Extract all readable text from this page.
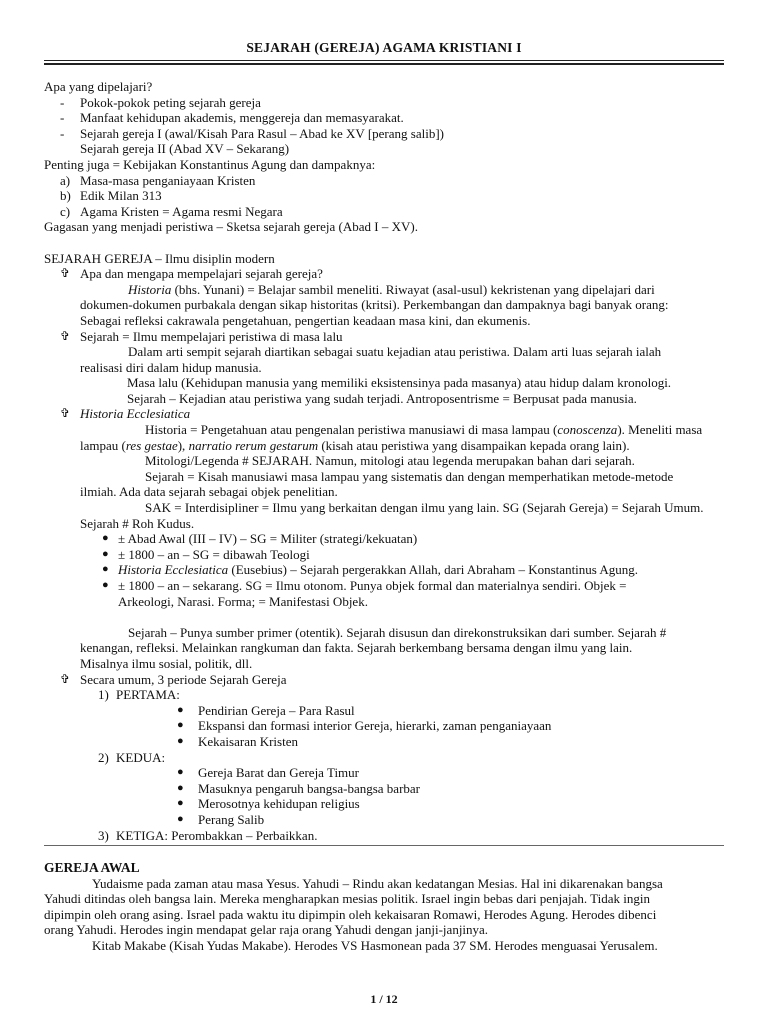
SEJARAH (GEREJA) AGAMA KRISTIANI I
Apa yang dipelajari?
-	Pokok-pokok peting sejarah gereja
-	Manfaat kehidupan akademis, menggereja dan memasyarakat.
-	Sejarah gereja I (awal/Kisah Para Rasul – Abad ke XV [perang salib])
Sejarah gereja II (Abad XV – Sekarang)
Penting juga = Kebijakan Konstantinus Agung dan dampaknya:
a) Masa-masa penganiayaan Kristen
b) Edik Milan 313
c) Agama Kristen = Agama resmi Negara
Gagasan yang menjadi peristiwa – Sketsa sejarah gereja (Abad I – XV).
SEJARAH GEREJA – Ilmu disiplin modern
✞ Apa dan mengapa mempelajari sejarah gereja?
Historia (bhs. Yunani) = Belajar sambil meneliti. Riwayat (asal-usul) kekristenan yang dipelajari dari
dokumen-dokumen purbakala dengan sikap historitas (kritsi). Perkembangan dan dampaknya bagi banyak orang:
Sebagai refleksi cakrawala pengetahuan, pengertian keadaan masa kini, dan ekumenis.
✞ Sejarah = Ilmu mempelajari peristiwa di masa lalu
Dalam arti sempit sejarah diartikan sebagai suatu kejadian atau peristiwa. Dalam arti luas sejarah ialah
realisasi diri dalam hidup manusia.
Masa lalu (Kehidupan manusia yang memiliki eksistensinya pada masanya) atau hidup dalam kronologi.
Sejarah – Kejadian atau peristiwa yang sudah terjadi. Antroposentrisme = Berpusat pada manusia.
✞ Historia Ecclesiatica
Historia = Pengetahuan atau pengenalan peristiwa manusiawi di masa lampau (conoscenza). Meneliti masa
lampau (res gestae), narratio rerum gestarum (kisah atau peristiwa yang disampaikan kepada orang lain).
Mitologi/Legenda # SEJARAH. Namun, mitologi atau legenda merupakan bahan dari sejarah.
Sejarah = Kisah manusiawi masa lampau yang sistematis dan dengan memperhatikan metode-metode
ilmiah. Ada data sejarah sebagai objek penelitian.
SAK = Interdisipliner = Ilmu yang berkaitan dengan ilmu yang lain. SG (Sejarah Gereja) = Sejarah Umum.
Sejarah # Roh Kudus.
● ± Abad Awal (III – IV) – SG = Militer (strategi/kekuatan)
● ± 1800 – an – SG = dibawah Teologi
● Historia Ecclesiatica (Eusebius) – Sejarah pergerakkan Allah, dari Abraham – Konstantinus Agung.
● ± 1800 – an – sekarang. SG = Ilmu otonom. Punya objek formal dan materialnya sendiri. Objek =
Arkeologi, Narasi. Forma; = Manifestasi Objek.
Sejarah – Punya sumber primer (otentik). Sejarah disusun dan direkonstruksikan dari sumber. Sejarah #
kenangan, refleksi. Melainkan rangkuman dan fakta. Sejarah berkembang bersama dengan ilmu yang lain.
Misalnya ilmu sosial, politik, dll.
✞ Secara umum, 3 periode Sejarah Gereja
1) PERTAMA:
●	Pendirian Gereja – Para Rasul
●	Ekspansi dan formasi interior Gereja, hierarki, zaman penganiayaan
●	Kekaisaran Kristen
2) KEDUA:
●	Gereja Barat dan Gereja Timur
●	Masuknya pengaruh bangsa-bangsa barbar
●	Merosotnya kehidupan religius
●	Perang Salib
3) KETIGA: Perombakkan – Perbaikkan.
GEREJA AWAL
Yudaisme pada zaman atau masa Yesus. Yahudi – Rindu akan kedatangan Mesias. Hal ini dikarenakan bangsa
Yahudi ditindas oleh bangsa lain. Mereka mengharapkan mesias politik. Israel ingin bebas dari penjajah. Tidak ingin
dipimpin oleh orang asing. Israel pada waktu itu dipimpin oleh kekaisaran Romawi, Herodes Agung. Herodes dibenci
orang Yahudi. Herodes ingin mendapat gelar raja orang Yahudi dengan janji-janjinya.
Kitab Makabe (Kisah Yudas Makabe). Herodes VS Hasmonean pada 37 SM. Herodes menguasai Yerusalem.
1 / 12
